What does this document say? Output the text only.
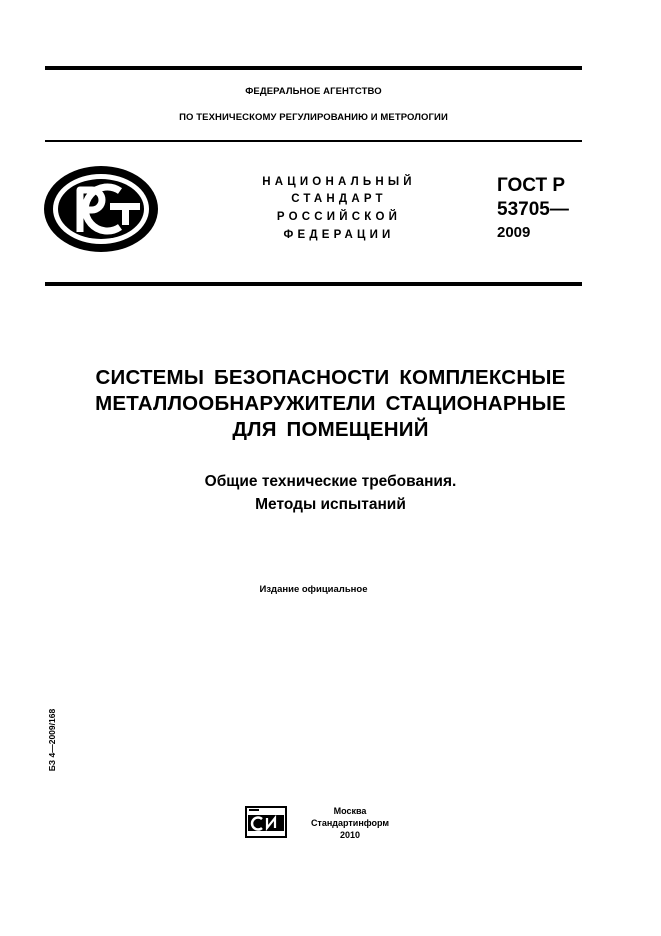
ФЕДЕРАЛЬНОЕ АГЕНТСТВО
ПО ТЕХНИЧЕСКОМУ РЕГУЛИРОВАНИЮ И МЕТРОЛОГИИ
НАЦИОНАЛЬНЫЙ
СТАНДАРТ
РОССИЙСКОЙ
ФЕДЕРАЦИИ
ГОСТ Р
53705—
2009
СИСТЕМЫ БЕЗОПАСНОСТИ КОМПЛЕКСНЫЕ
МЕТАЛЛООБНАРУЖИТЕЛИ СТАЦИОНАРНЫЕ
ДЛЯ ПОМЕЩЕНИЙ
Общие технические требования.
Методы испытаний
Издание официальное
БЗ 4—2009/168
Москва
Стандартинформ
2010
